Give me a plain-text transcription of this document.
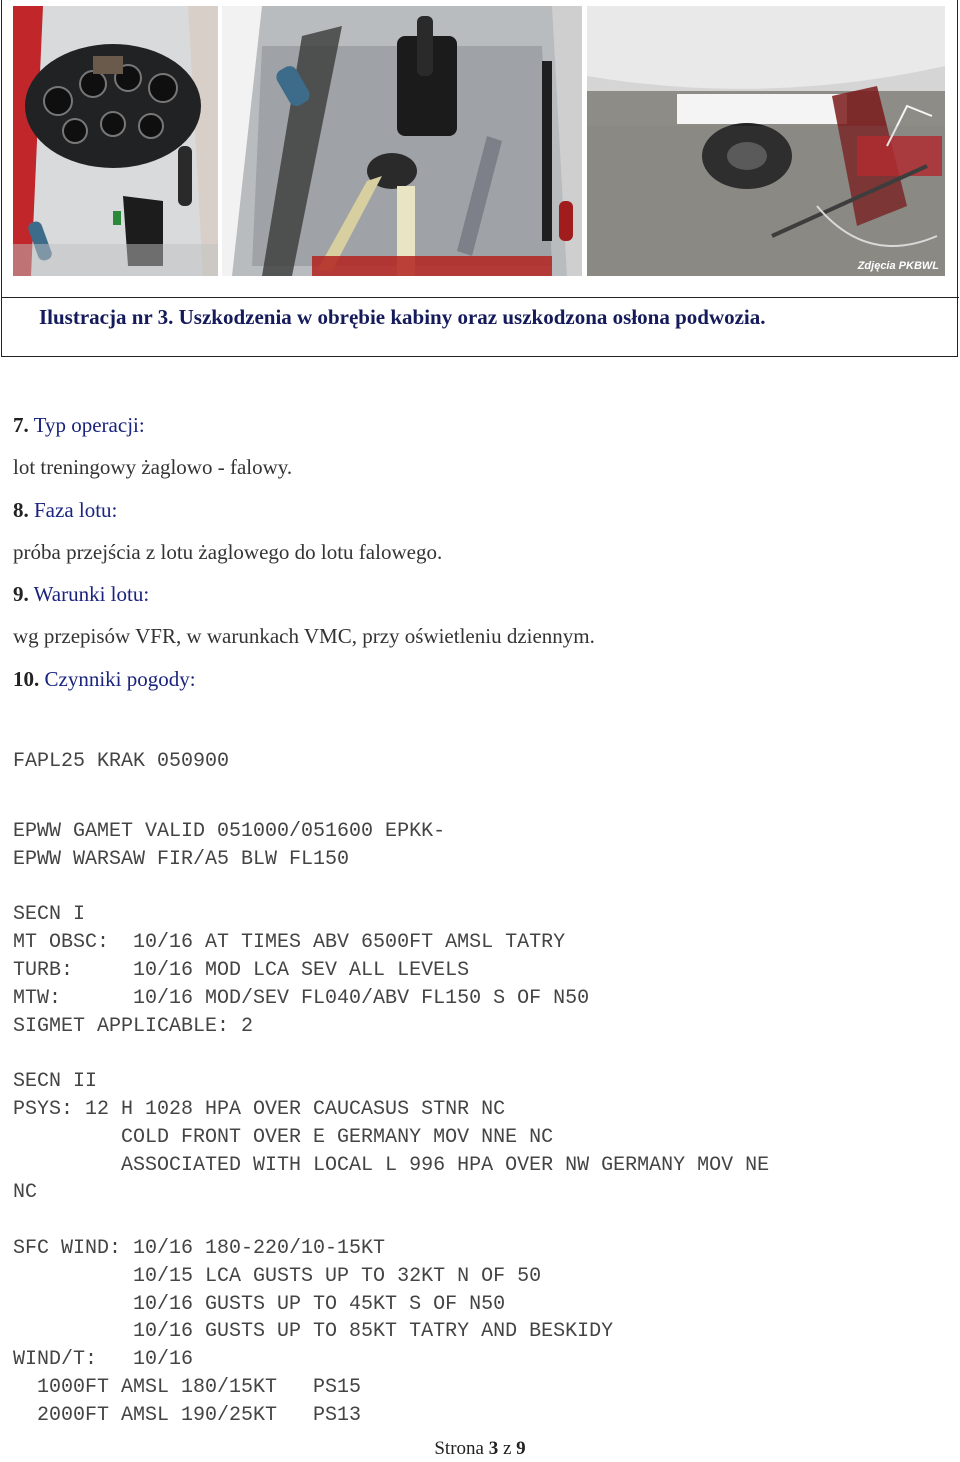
Zdjęcia PKBWL
Ilustracja nr 3. Uszkodzenia w obrębie kabiny oraz uszkodzona osłona podwozia.
7. Typ operacji:
lot treningowy żaglowo - falowy.
8. Faza lotu:
próba przejścia z lotu żaglowego do lotu falowego.
9. Warunki lotu:
wg przepisów VFR, w warunkach VMC, przy oświetleniu dziennym.
10. Czynniki pogody:
FAPL25 KRAK 050900
EPWW GAMET VALID 051000/051600 EPKK-
EPWW WARSAW FIR/A5 BLW FL150

SECN I
MT OBSC:  10/16 AT TIMES ABV 6500FT AMSL TATRY
TURB:     10/16 MOD LCA SEV ALL LEVELS
MTW:      10/16 MOD/SEV FL040/ABV FL150 S OF N50
SIGMET APPLICABLE: 2

SECN II
PSYS: 12 H 1028 HPA OVER CAUCASUS STNR NC
COLD FRONT OVER E GERMANY MOV NNE NC
ASSOCIATED WITH LOCAL L 996 HPA OVER NW GERMANY MOV NE
NC

SFC WIND: 10/16 180-220/10-15KT
10/15 LCA GUSTS UP TO 32KT N OF 50
10/16 GUSTS UP TO 45KT S OF N50
10/16 GUSTS UP TO 85KT TATRY AND BESKIDY
WIND/T:   10/16
1000FT AMSL 180/15KT   PS15
2000FT AMSL 190/25KT   PS13
Strona 3 z 9
